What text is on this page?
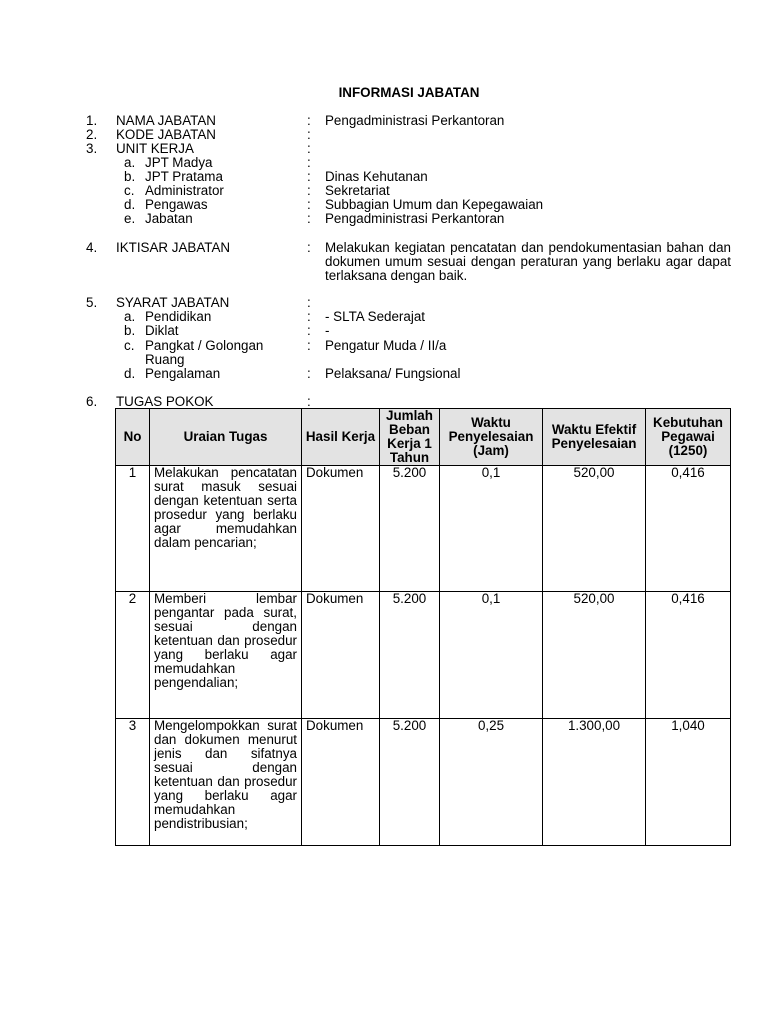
INFORMASI JABATAN
1. NAMA JABATAN	: Pengadministrasi Perkantoran
2. KODE JABATAN	:
3. UNIT KERJA	:
a. JPT Madya	:
b. JPT Pratama	: Dinas Kehutanan
c. Administrator	: Sekretariat
d. Pengawas	: Subbagian Umum dan Kepegawaian
e. Jabatan	: Pengadministrasi Perkantoran
4. IKTISAR JABATAN	: Melakukan kegiatan pencatatan dan pendokumentasian bahan dan dokumen umum sesuai dengan peraturan yang berlaku agar dapat terlaksana dengan baik.
5. SYARAT JABATAN	:
a. Pendidikan	: - SLTA Sederajat
b. Diklat	: -
c. Pangkat / Golongan	: Pengatur Muda / II/a
Ruang
d. Pengalaman	: Pelaksana/ Fungsional
6. TUGAS POKOK	:
No	Uraian Tugas	Hasil Kerja	Jumlah Beban Kerja 1 Tahun	Waktu Penyelesaian (Jam)	Waktu Efektif Penyelesaian	Kebutuhan Pegawai (1250)
1	Melakukan pencatatan surat masuk sesuai dengan ketentuan serta prosedur yang berlaku agar memudahkan dalam pencarian;	Dokumen	5.200	0,1	520,00	0,416
2	Memberi lembar pengantar pada surat, sesuai dengan ketentuan dan prosedur yang berlaku agar memudahkan pengendalian;	Dokumen	5.200	0,1	520,00	0,416
3	Mengelompokkan surat dan dokumen menurut jenis dan sifatnya sesuai dengan ketentuan dan prosedur yang berlaku agar memudahkan pendistribusian;	Dokumen	5.200	0,25	1.300,00	1,040
